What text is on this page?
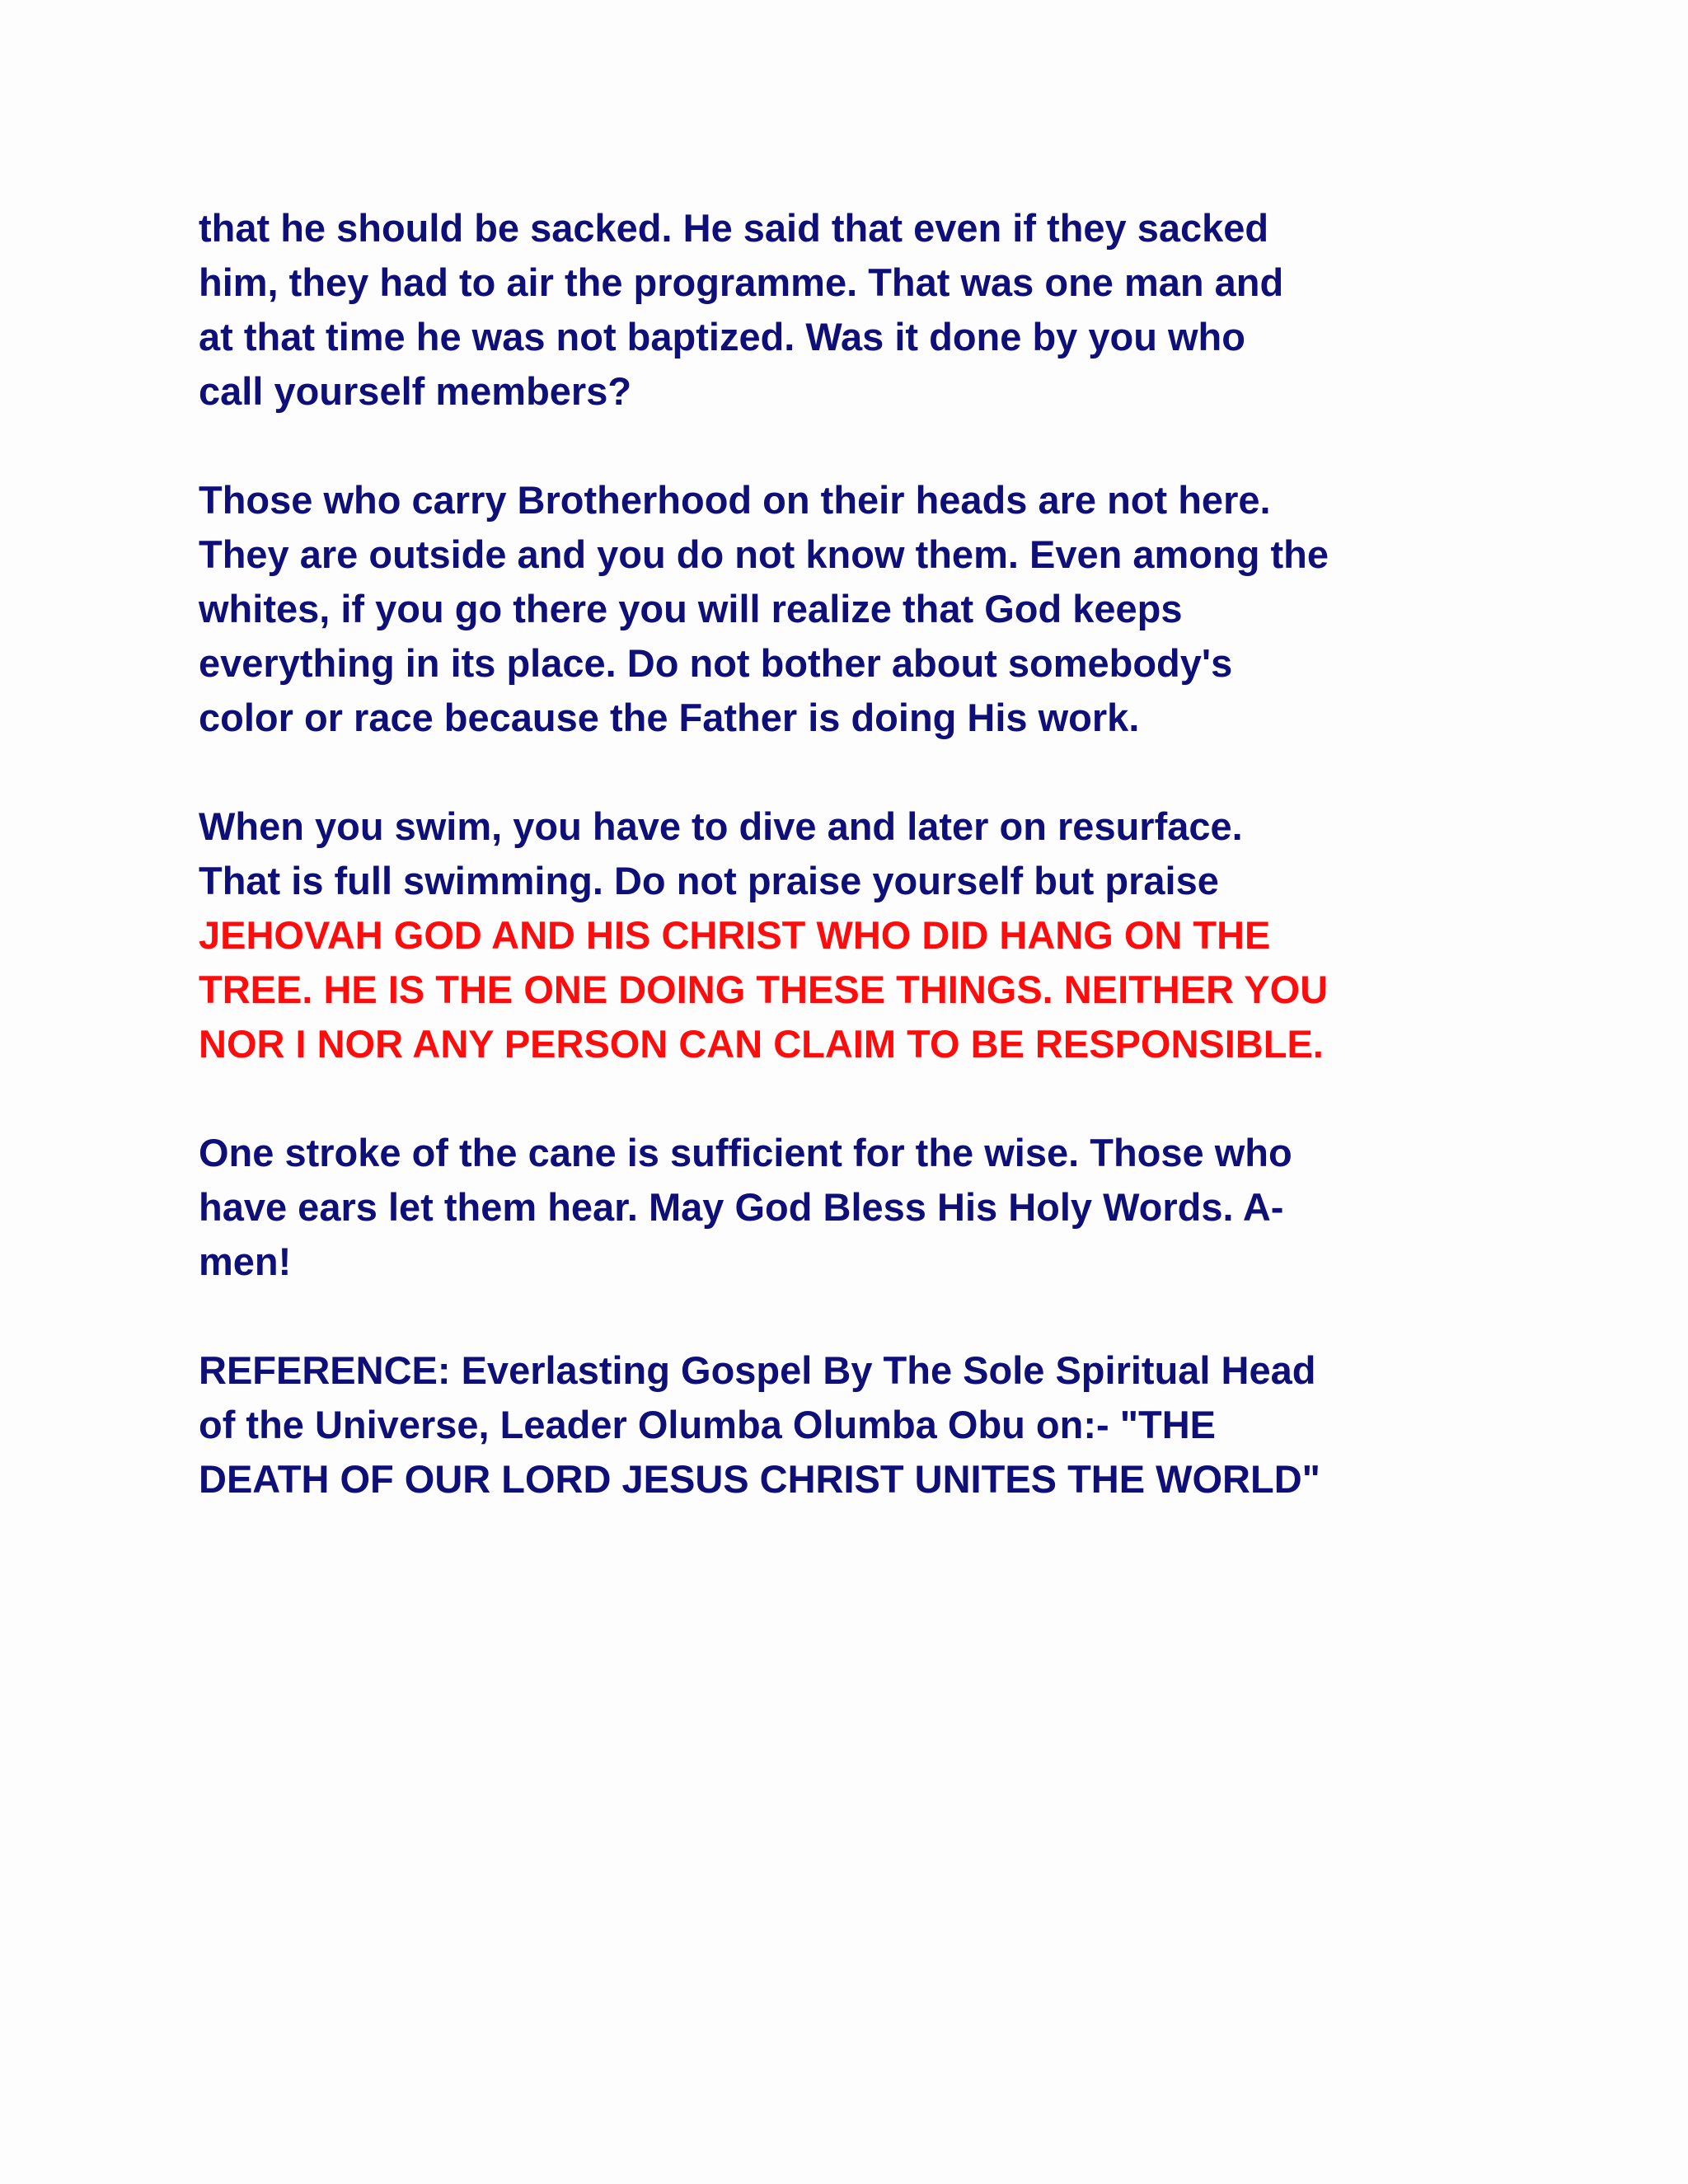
that he should be sacked. He said that even if they sacked
him, they had to air the programme. That was one man and
at that time he was not baptized. Was it done by you who
call yourself members?

Those who carry Brotherhood on their heads are not here.
They are outside and you do not know them. Even among the
whites, if you go there you will realize that God keeps
everything in its place. Do not bother about somebody's
color or race because the Father is doing His work.

When you swim, you have to dive and later on resurface.
That is full swimming. Do not praise yourself but praise
JEHOVAH GOD AND HIS CHRIST WHO DID HANG ON THE
TREE. HE IS THE ONE DOING THESE THINGS. NEITHER YOU
NOR I NOR ANY PERSON CAN CLAIM TO BE RESPONSIBLE.

One stroke of the cane is sufficient for the wise. Those who
have ears let them hear. May God Bless His Holy Words. A-
men!

REFERENCE: Everlasting Gospel By The Sole Spiritual Head
of the Universe, Leader Olumba Olumba Obu on:- "THE
DEATH OF OUR LORD JESUS CHRIST UNITES THE WORLD"
